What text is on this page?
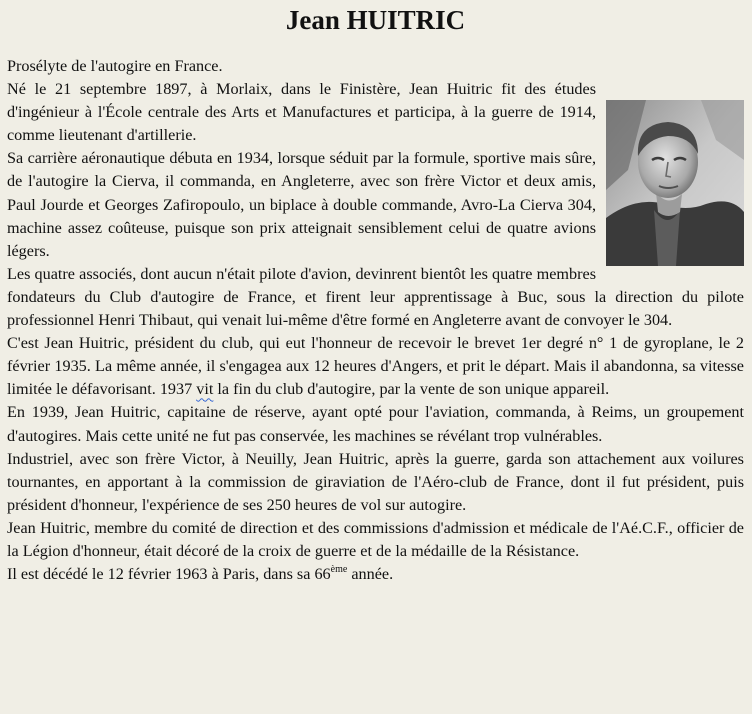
Jean HUITRIC

Prosélyte de l'autogire en France.

Né le 21 septembre 1897, à Morlaix, dans le Finistère, Jean Huitric fit des études d'ingénieur à l'École centrale des Arts et Manufactures et participa, à la guerre de 1914, comme lieutenant d'artillerie.

Sa carrière aéronautique débuta en 1934, lorsque séduit par la formule, sportive mais sûre, de l'autogire la Cierva, il commanda, en Angleterre, avec son frère Victor et deux amis, Paul Jourde et Georges Zafiropoulo, un biplace à double commande, Avro-La Cierva 304, machine assez coûteuse, puisque son prix atteignait sensiblement celui de quatre avions légers.

Les quatre associés, dont aucun n'était pilote d'avion, devinrent bientôt les quatre membres fondateurs du Club d'autogire de France, et firent leur apprentissage à Buc, sous la direction du pilote professionnel Henri Thibaut, qui venait lui-même d'être formé en Angleterre avant de convoyer le 304.

C'est Jean Huitric, président du club, qui eut l'honneur de recevoir le brevet 1er degré n° 1 de gyroplane, le 2 février 1935. La même année, il s'engagea aux 12 heures d'Angers, et prit le départ. Mais il abandonna, sa vitesse limitée le défavorisant. 1937 vit la fin du club d'autogire, par la vente de son unique appareil.

En 1939, Jean Huitric, capitaine de réserve, ayant opté pour l'aviation, commanda, à Reims, un groupement d'autogires. Mais cette unité ne fut pas conservée, les machines se révélant trop vulnérables.

Industriel, avec son frère Victor, à Neuilly, Jean Huitric, après la guerre, garda son attachement aux voilures tournantes, en apportant à la commission de giraviation de l'Aéro-club de France, dont il fut président, puis président d'honneur, l'expérience de ses 250 heures de vol sur autogire.

Jean Huitric, membre du comité de direction et des commissions d'admission et médicale de l'Aé.C.F., officier de la Légion d'honneur, était décoré de la croix de guerre et de la médaille de la Résistance.

Il est décédé le 12 février 1963 à Paris, dans sa 66ème année.
